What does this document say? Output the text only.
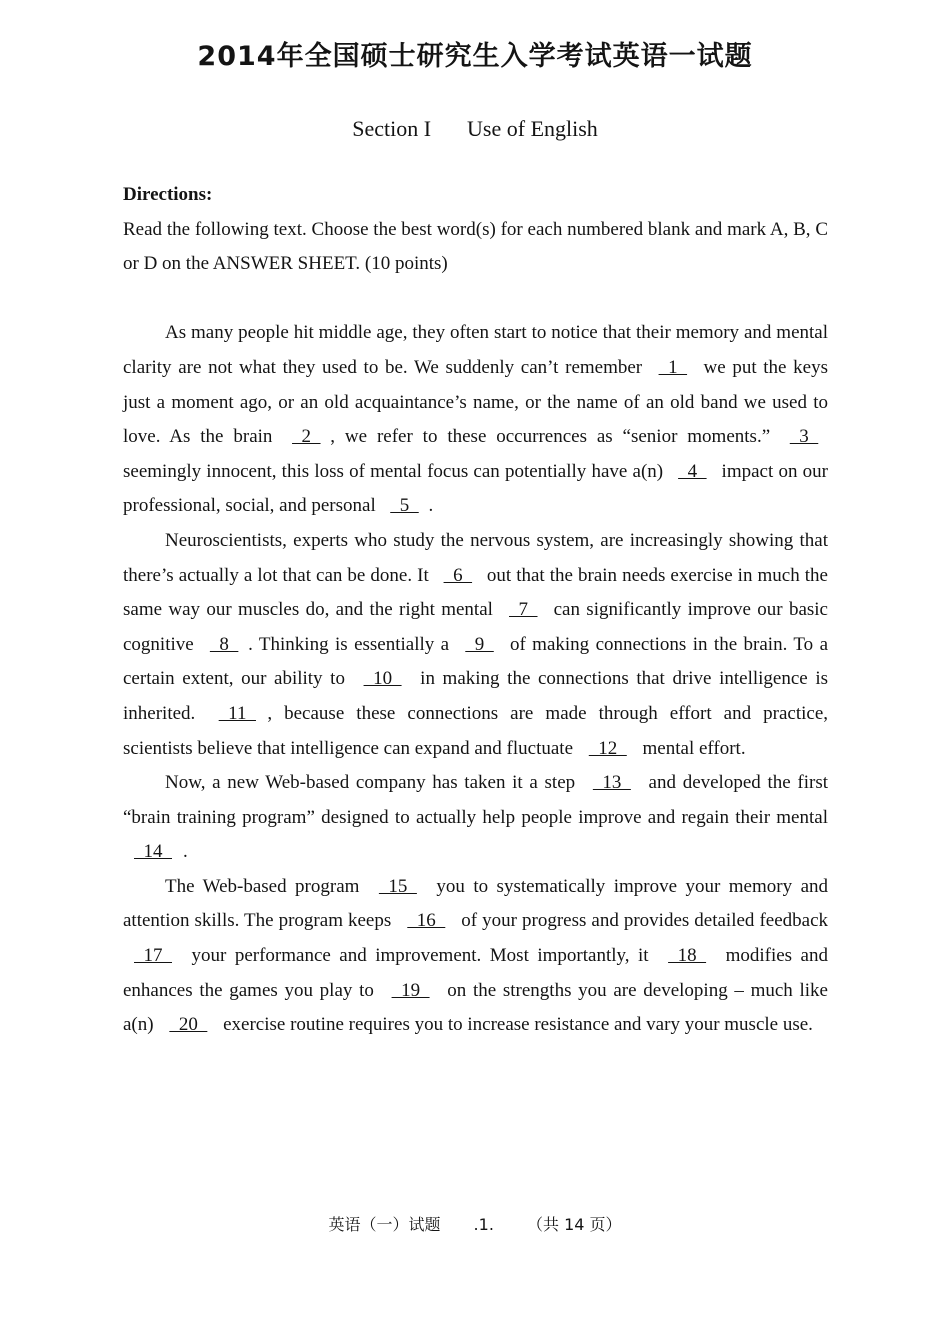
2014年全国硕士研究生入学考试英语一试题
Section I Use of English
Directions:
Read the following text. Choose the best word(s) for each numbered blank and mark A, B, C or D on the ANSWER SHEET. (10 points)

As many people hit middle age, they often start to notice that their memory and mental clarity are not what they used to be. We suddenly can’t remember  1  we put the keys just a moment ago, or an old acquaintance’s name, or the name of an old band we used to love. As the brain  2 , we refer to these occurrences as “senior moments.”  3  seemingly innocent, this loss of mental focus can potentially have a(n)  4  impact on our professional, social, and personal  5 .

Neuroscientists, experts who study the nervous system, are increasingly showing that there’s actually a lot that can be done. It  6  out that the brain needs exercise in much the same way our muscles do, and the right mental  7  can significantly improve our basic cognitive  8 . Thinking is essentially a  9  of making connections in the brain. To a certain extent, our ability to  10  in making the connections that drive intelligence is inherited.  11 , because these connections are made through effort and practice, scientists believe that intelligence can expand and fluctuate  12  mental effort.

Now, a new Web-based company has taken it a step  13  and developed the first “brain training program” designed to actually help people improve and regain their mental  14 .

The Web-based program  15  you to systematically improve your memory and attention skills. The program keeps  16  of your progress and provides detailed feedback  17  your performance and improvement. Most importantly, it  18  modifies and enhances the games you play to  19  on the strengths you are developing – much like a(n)  20  exercise routine requires you to increase resistance and vary your muscle use.

英语（一）试题 .1. （共 14 页）
